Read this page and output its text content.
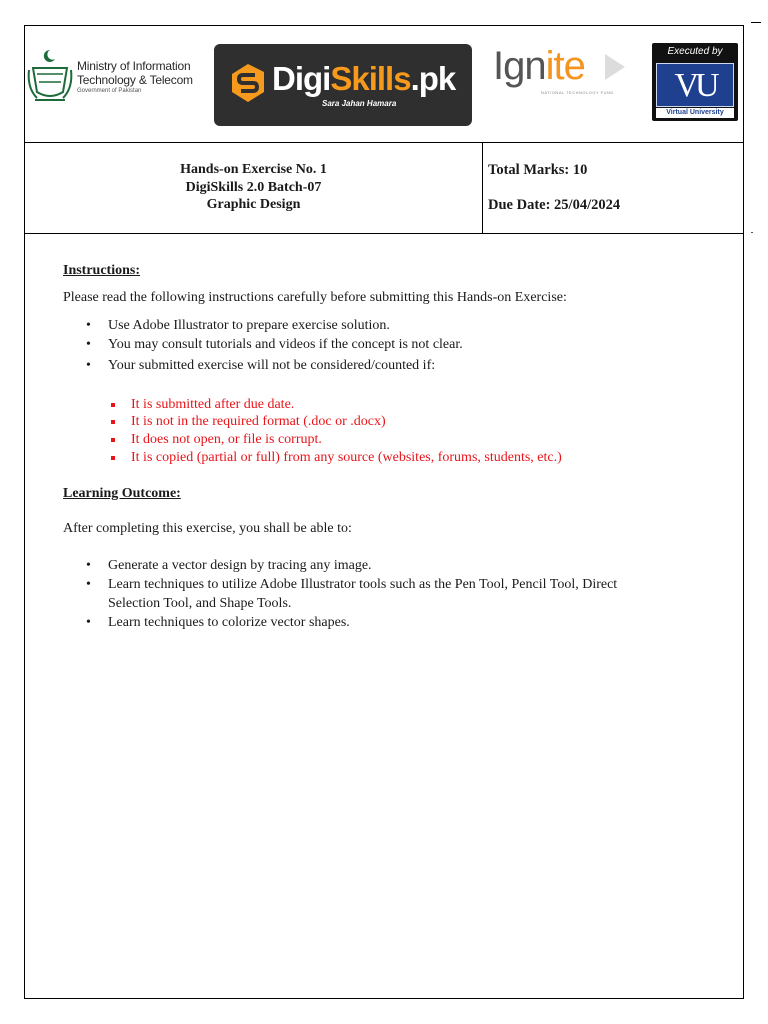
Ministry of Information
Technology & Telecom
Government of Pakistan	DigiSkills.pk
Sara Jahan Hamara
Ignite
NATIONAL TECHNOLOGY FUND
Executed by
VU
Virtual University
Hands-on Exercise No. 1
DigiSkills 2.0 Batch-07
Graphic Design
Total Marks: 10
Due Date: 25/04/2024
Instructions:
Please read the following instructions carefully before submitting this Hands-on Exercise:
• Use Adobe Illustrator to prepare exercise solution.
• You may consult tutorials and videos if the concept is not clear.
• Your submitted exercise will not be considered/counted if:
It is submitted after due date.
It is not in the required format (.doc or .docx)
It does not open, or file is corrupt.
It is copied (partial or full) from any source (websites, forums, students, etc.)
Learning Outcome:
After completing this exercise, you shall be able to:
• Generate a vector design by tracing any image.
• Learn techniques to utilize Adobe Illustrator tools such as the Pen Tool, Pencil Tool, Direct
Selection Tool, and Shape Tools.
• Learn techniques to colorize vector shapes.
